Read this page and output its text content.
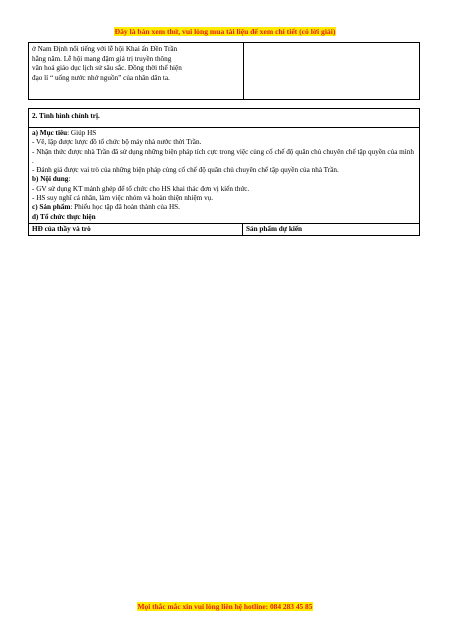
Đây là bản xem thử, vui lòng mua tài liệu để xem chi tiết (có lời giải)
ở Nam Định nổi tiếng với lễ hội Khai ấn Đền Trần
hằng năm. Lễ hội mang đậm giá trị truyền thông
văn hoá giáo dục lịch sử sâu sắc. Đồng thời thể hiện
đạo lí “ uống nước nhớ nguồn” của nhân dân ta.

2. Tình hình chính trị.

a) Mục tiêu: Giúp HS
- Vẽ, lập được lược đồ tổ chức bộ máy nhà nước thời Trần.
- Nhận thức được nhà Trần đã sử dụng những biện pháp tích cực trong việc củng cố chế độ quân chủ chuyên chế tập quyền của mình .
- Đánh giá được vai trò của những biện pháp củng cố chế độ quân chủ chuyên chế tập quyền của nhà Trần.
b) Nội dung:
- GV sử dụng KT mảnh ghép để tổ chức cho HS khai thác đơn vị kiến thức.
- HS suy nghĩ cá nhân, làm việc nhóm và hoàn thiện nhiệm vụ.
c) Sản phẩm: Phiếu học tập đã hoàn thành của HS.
d) Tổ chức thực hiện

HĐ của thầy và trò	Sản phẩm dự kiến
Mọi thắc mắc xin vui lòng liên hệ hotline: 084 283 45 85
